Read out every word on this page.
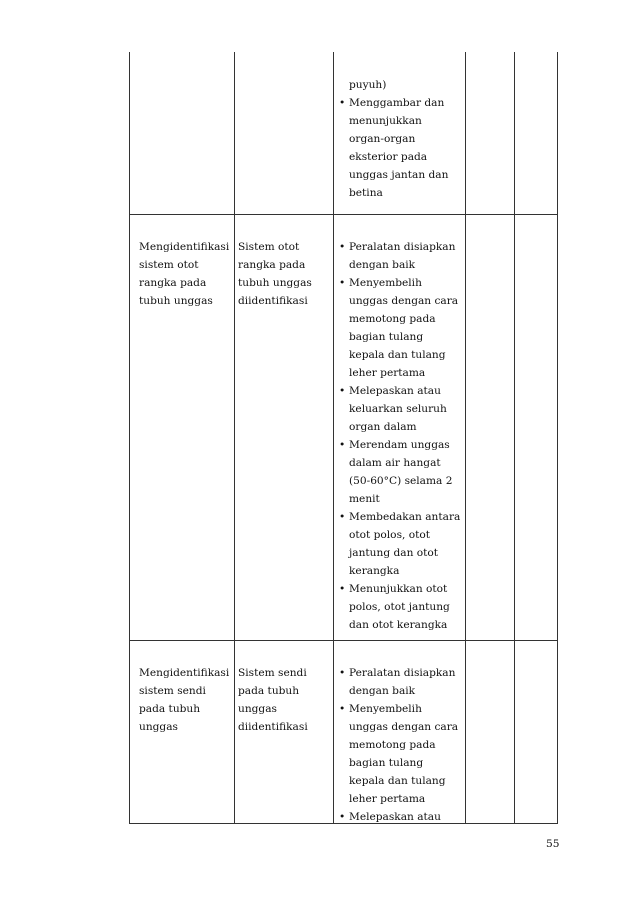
puyuh)
• Menggambar dan
menunjukkan
organ-organ
eksterior pada
unggas jantan dan
betina
Mengidentifikasi
sistem otot
rangka pada
tubuh unggas
Sistem otot
rangka pada
tubuh unggas
diidentifikasi
• Peralatan disiapkan
dengan baik
• Menyembelih
unggas dengan cara
memotong pada
bagian tulang
kepala dan tulang
leher pertama
• Melepaskan atau
keluarkan seluruh
organ dalam
• Merendam unggas
dalam air hangat
(50-60°C) selama 2
menit
• Membedakan antara
otot polos, otot
jantung dan otot
kerangka
• Menunjukkan otot
polos, otot jantung
dan otot kerangka
Mengidentifikasi
sistem sendi
pada tubuh
unggas
Sistem sendi
pada tubuh
unggas
diidentifikasi
• Peralatan disiapkan
dengan baik
• Menyembelih
unggas dengan cara
memotong pada
bagian tulang
kepala dan tulang
leher pertama
• Melepaskan atau
55
